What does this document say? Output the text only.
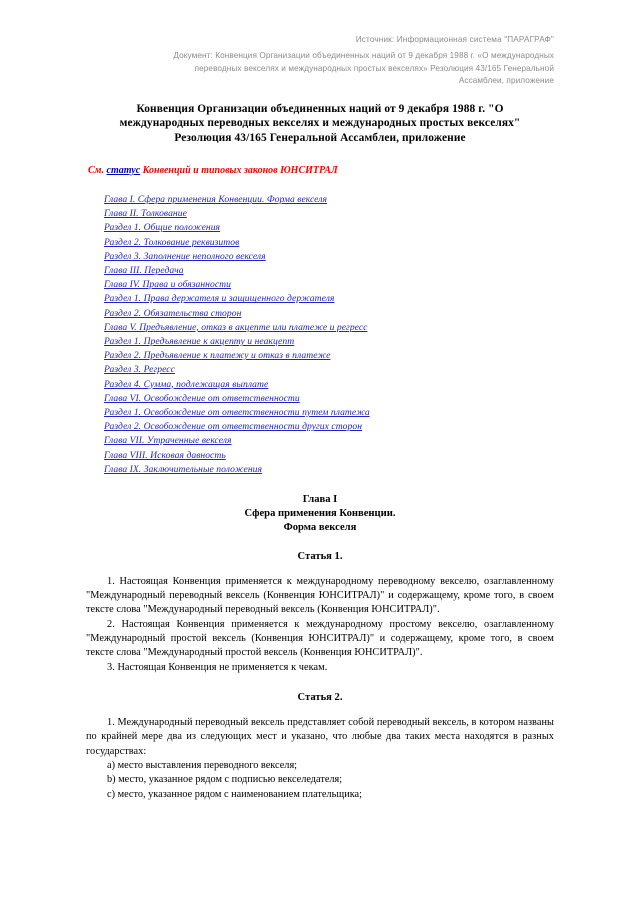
Источник: Информационная система "ПАРАГРАФ"
Документ: Конвенция Организации объединенных наций от 9 декабря 1988 г. «О международных
переводных векселях и международных простых векселях» Резолюция 43/165 Генеральной
Ассамблеи, приложение
Конвенция Организации объединенных наций от 9 декабря 1988 г. "О
международных переводных векселях и международных простых векселях"
Резолюция 43/165 Генеральной Ассамблеи, приложение
См. статус Конвенций и типовых законов ЮНСИТРАЛ
Глава I. Сфера применения Конвенции. Форма векселя
Глава II. Толкование
Раздел 1. Общие положения
Раздел 2. Толкование реквизитов
Раздел 3. Заполнение неполного векселя
Глава III. Передача
Глава IV. Права и обязанности
Раздел 1. Права держателя и защищенного держателя
Раздел 2. Обязательства сторон
Глава V. Предъявление, отказ в акцепте или платеже и регресс
Раздел 1. Предъявление к акцепту и неакцепт
Раздел 2. Предъявление к платежу и отказ в платеже
Раздел 3. Регресс
Раздел 4. Сумма, подлежащая выплате
Глава VI. Освобождение от ответственности
Раздел 1. Освобождение от ответственности путем платежа
Раздел 2. Освобождение от ответственности других сторон
Глава VII. Утраченные векселя
Глава VIII. Исковая давность
Глава IX. Заключительные положения
Глава I
Сфера применения Конвенции.
Форма векселя
Статья 1.

1. Настоящая Конвенция применяется к международному переводному векселю, озаглавленному "Международный переводный вексель (Конвенция ЮНСИТРАЛ)" и содержащему, кроме того, в своем тексте слова "Международный переводный вексель (Конвенция ЮНСИТРАЛ)".

2. Настоящая Конвенция применяется к международному простому векселю, озаглавленному "Международный простой вексель (Конвенция ЮНСИТРАЛ)" и содержащему, кроме того, в своем тексте слова "Международный простой вексель (Конвенция ЮНСИТРАЛ)".

3. Настоящая Конвенция не применяется к чекам.

Статья 2.

1. Международный переводный вексель представляет собой переводный вексель, в котором названы по крайней мере два из следующих мест и указано, что любые два таких места находятся в разных государствах:

a) место выставления переводного векселя;

b) место, указанное рядом с подписью векселедателя;

c) место, указанное рядом с наименованием плательщика;
